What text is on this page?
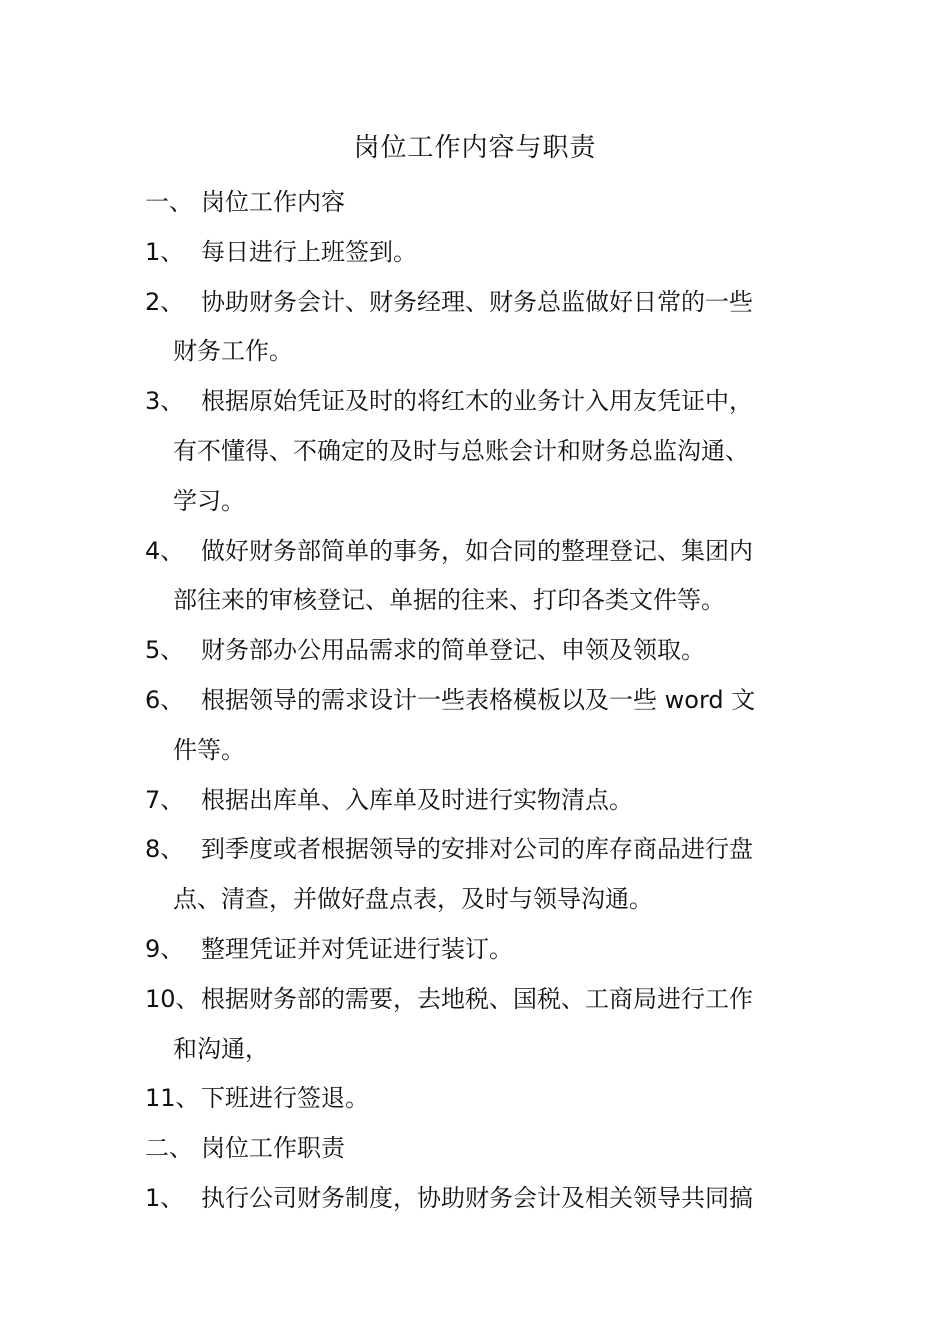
岗位工作内容与职责
一、 岗位工作内容
1、 每日进行上班签到。
2、 协助财务会计、财务经理、财务总监做好日常的一些
财务工作。
3、 根据原始凭证及时的将红木的业务计入用友凭证中，
有不懂得、不确定的及时与总账会计和财务总监沟通、
学习。
4、 做好财务部简单的事务，如合同的整理登记、集团内
部往来的审核登记、单据的往来、打印各类文件等。
5、 财务部办公用品需求的简单登记、申领及领取。
6、 根据领导的需求设计一些表格模板以及一些 word 文
件等。
7、 根据出库单、入库单及时进行实物清点。
8、 到季度或者根据领导的安排对公司的库存商品进行盘
点、清查，并做好盘点表，及时与领导沟通。
9、 整理凭证并对凭证进行装订。
10、根据财务部的需要，去地税、国税、工商局进行工作
和沟通，
11、下班进行签退。
二、 岗位工作职责
1、 执行公司财务制度，协助财务会计及相关领导共同搞
